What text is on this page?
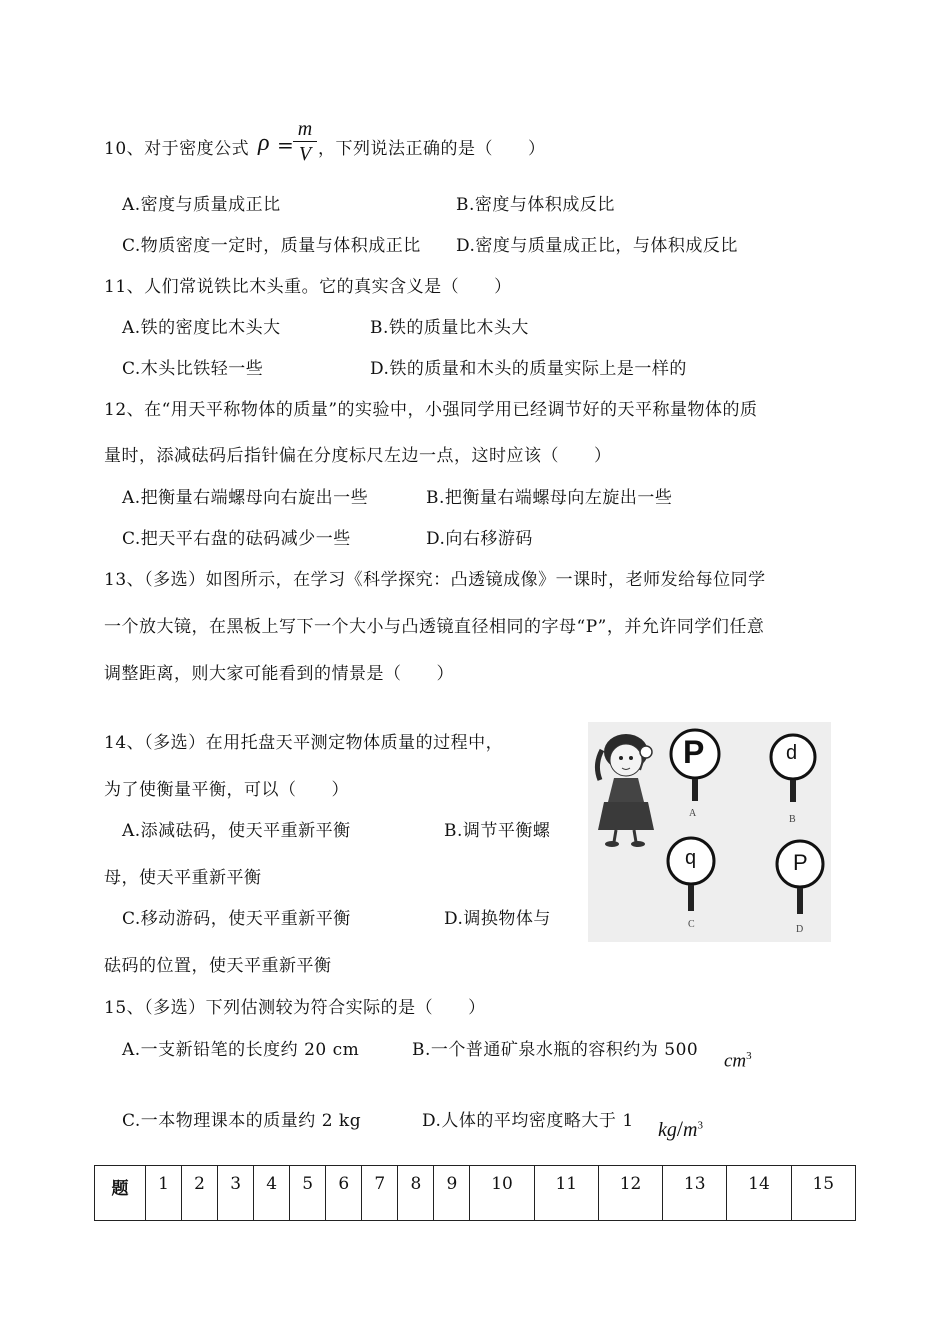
10、对于密度公式 ρ =
m
V ，下列说法正确的是（　　）
A.密度与质量成正比	B.密度与体积成反比
C.物质密度一定时，质量与体积成正比 D.密度与质量成正比，与体积成反比
11、人们常说铁比木头重。它的真实含义是（　　）
A.铁的密度比木头大	B.铁的质量比木头大
C.木头比铁轻一些	D.铁的质量和木头的质量实际上是一样的
12、在“用天平称物体的质量”的实验中，小强同学用已经调节好的天平称量物体的质
量时，添减砝码后指针偏在分度标尺左边一点，这时应该（　　）
A.把衡量右端螺母向右旋出一些	B.把衡量右端螺母向左旋出一些
C.把天平右盘的砝码减少一些	D.向右移游码
13、（多选）如图所示，在学习《科学探究：凸透镜成像》一课时，老师发给每位同学
一个放大镜，在黑板上写下一个大小与凸透镜直径相同的字母“P”，并允许同学们任意
调整距离，则大家可能看到的情景是（　　）
14、（多选）在用托盘天平测定物体质量的过程中，
为了使衡量平衡，可以（　　）
A.添减砝码，使天平重新平衡	B.调节平衡螺
母，使天平重新平衡
C.移动游码，使天平重新平衡	D.调换物体与
砝码的位置，使天平重新平衡
P	d
q	P
A
B
C	D
15、（多选）下列估测较为符合实际的是（　　）
A.一支新铅笔的长度约 20 cm	B.一个普通矿泉水瓶的容积约为 500
$cm^3$
C.一本物理课本的质量约 2 kg	D.人体的平均密度略大于 1 $kg/m^3$
题	1	2	3	4	5	6	7	8	9	10	11	12	13	14	15
